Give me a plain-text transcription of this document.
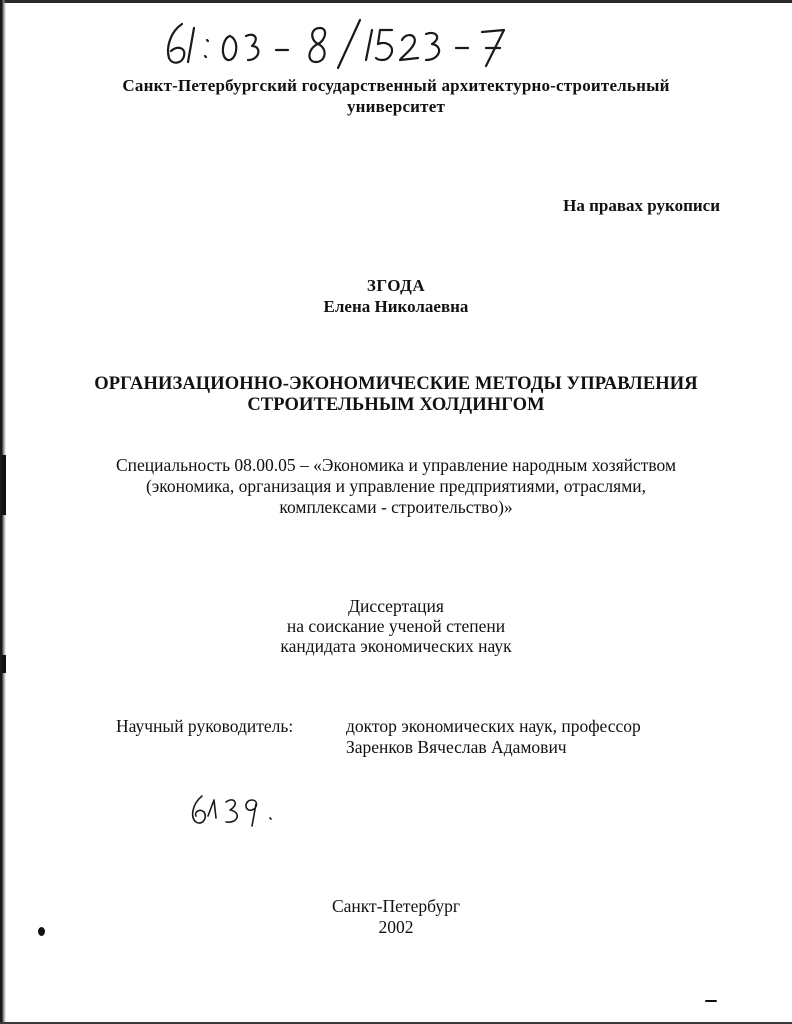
Санкт-Петербургский государственный архитектурно-строительный
университет
На правах рукописи
ЗГОДА
Елена Николаевна
ОРГАНИЗАЦИОННО-ЭКОНОМИЧЕСКИЕ МЕТОДЫ УПРАВЛЕНИЯ
СТРОИТЕЛЬНЫМ ХОЛДИНГОМ
Специальность 08.00.05 – «Экономика и управление народным хозяйством
(экономика, организация и управление предприятиями, отраслями,
комплексами - строительство)»
Диссертация
на соискание ученой степени
кандидата экономических наук
Научный руководитель:	доктор экономических наук, профессор
Заренков Вячеслав Адамович
Санкт-Петербург
2002
